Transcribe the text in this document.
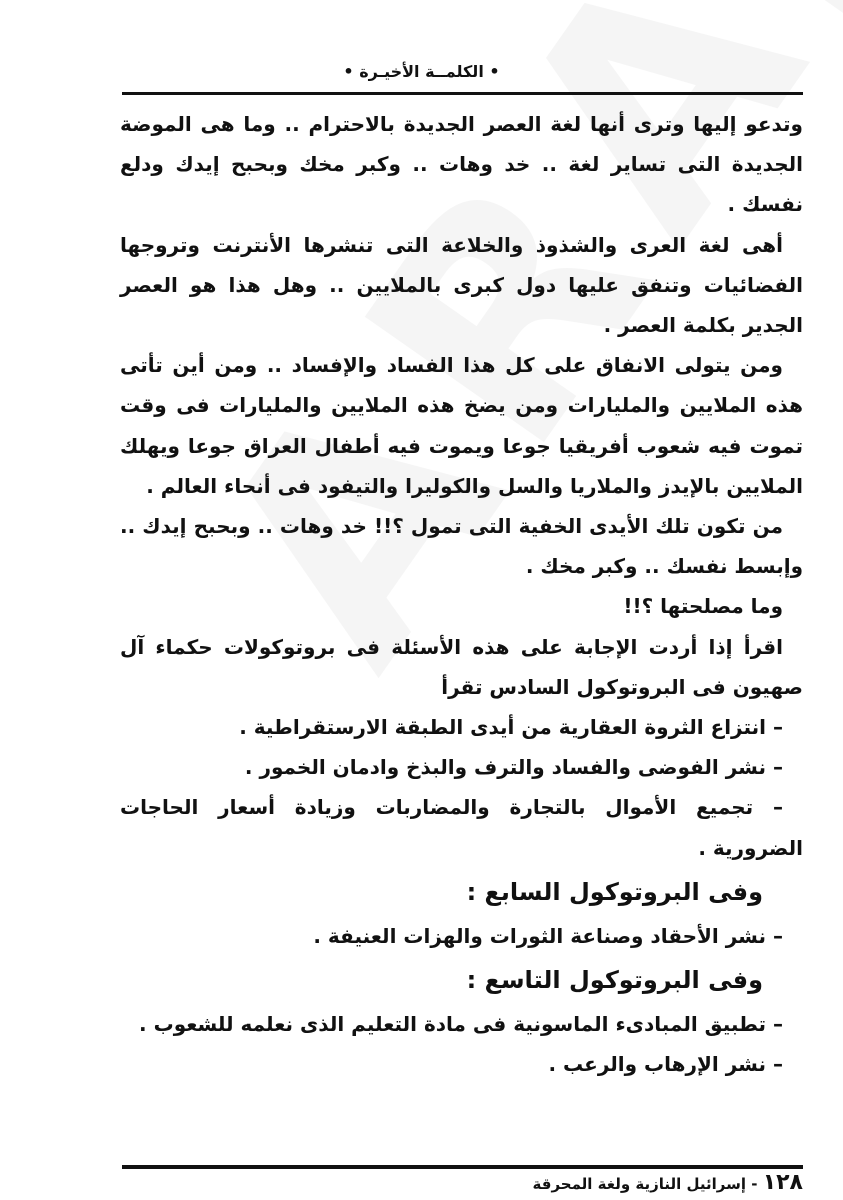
• الكلمــة الأخيـرة •

وتدعو إليها وترى أنها لغة العصر الجديدة بالاحترام .. وما هى الموضة الجديدة التى تساير لغة .. خد وهات .. وكبر مخك وبحبح إيدك ودلع نفسك .

أهى لغة العرى والشذوذ والخلاعة التى تنشرها الأنترنت وتروجها الفضائيات وتنفق عليها دول كبرى بالملايين .. وهل هذا هو العصر الجدير بكلمة العصر .

ومن يتولى الانفاق على كل هذا الفساد والإفساد .. ومن أين تأتى هذه الملايين والمليارات ومن يضخ هذه الملايين والمليارات فى وقت تموت فيه شعوب أفريقيا جوعا ويموت فيه أطفال العراق جوعا ويهلك الملايين بالإيدز والملاريا والسل والكوليرا والتيفود فى أنحاء العالم .

من تكون تلك الأيدى الخفية التى تمول ؟!! خد وهات .. وبحبح إيدك .. وإبسط نفسك .. وكبر مخك .

وما مصلحتها ؟!!

اقرأ إذا أردت الإجابة على هذه الأسئلة فى بروتوكولات حكماء آل صهيون فى البروتوكول السادس تقرأ

– انتزاع الثروة العقارية من أيدى الطبقة الارستقراطية .

– نشر الفوضى والفساد والترف والبذخ وادمان الخمور .

– تجميع الأموال بالتجارة والمضاربات وزيادة أسعار الحاجات الضرورية .

وفى البروتوكول السابع :

– نشر الأحقاد وصناعة الثورات والهزات العنيفة .

وفى البروتوكول التاسع :

– تطبيق المبادىء الماسونية فى مادة التعليم الذى نعلمه للشعوب .

– نشر الإرهاب والرعب .

١٢٨ - إسرائيل النازية ولغة المحرقة
